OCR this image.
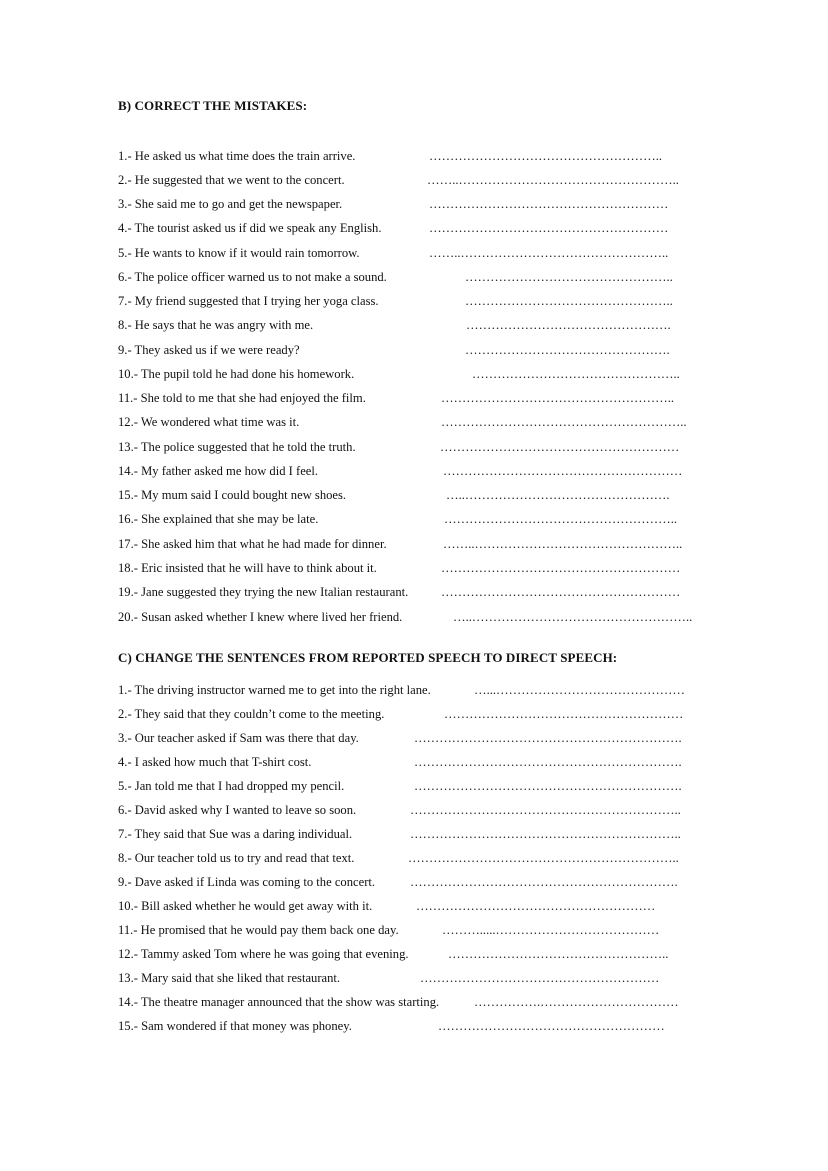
B) CORRECT THE MISTAKES:
1.- He asked us what time does the train arrive.	………………………………………………..
2.- He suggested that we went to the concert.	……..……………………………………………..
3.- She said me to go and get the newspaper.	…………………………………………………
4.- The tourist asked us if did we speak any English.	…………………………………………………
5.- He wants to know if it would rain tomorrow.	……..…………………………………………..
6.- The police officer warned us to not make a sound.	…………………………………………..
7.- My friend suggested that I trying her yoga class.	…………………………………………..
8.- He says that he was angry with me.	………………………………………….
9.- They asked us if we were ready?	………………………………………….
10.- The pupil told he had done his homework.	…………………………………………..
11.- She told to me that she had enjoyed the film.	………………………………………………..
12.- We wondered what time was it.	…………………………………………………..
13.- The police suggested that he told the truth.	…………………………………………………
14.- My father asked me how did I feel.	…………………………………………………
15.- My mum said I could bought new shoes.	…..………………………………………….
16.- She explained that she may be late.	………………………………………………..
17.- She asked him that what he had made for dinner.	……..…………………………………………..
18.- Eric insisted that he will have to think about it.	…………………………………………………
19.- Jane suggested they trying the new Italian restaurant.	…………………………………………………
20.- Susan asked whether I knew where lived her friend.	…..……………………………………………..
C) CHANGE THE SENTENCES FROM REPORTED SPEECH TO DIRECT SPEECH:
1.- The driving instructor warned me to get into the right lane.	…...………………………………………
2.- They said that they couldn’t come to the meeting.	…………………………………………………
3.- Our teacher asked if Sam was there that day.	……………………………………………………….
4.- I asked how much that T-shirt cost.	……………………………………………………….
5.- Jan told me that I had dropped my pencil.	……………………………………………………….
6.- David asked why I wanted to leave so soon.	………………………………………………………..
7.- They said that Sue was a daring individual.	………………………………………………………..
8.- Our teacher told us to try and read that text.	………………………………………………………..
9.- Dave asked if Linda was coming to the concert.	……………………………………………………….
10.- Bill asked whether he would get away with it.	…………………………………………………
11.- He promised that he would pay them back one day.	……….....…………………………………
12.- Tammy asked Tom where he was going that evening.	……………………………………………..
13.- Mary said that she liked that restaurant.	…………………………………………………
14.- The theatre manager announced that the show was starting.	…………….……………………………
15.- Sam wondered if that money was phoney.	………………………………………………
